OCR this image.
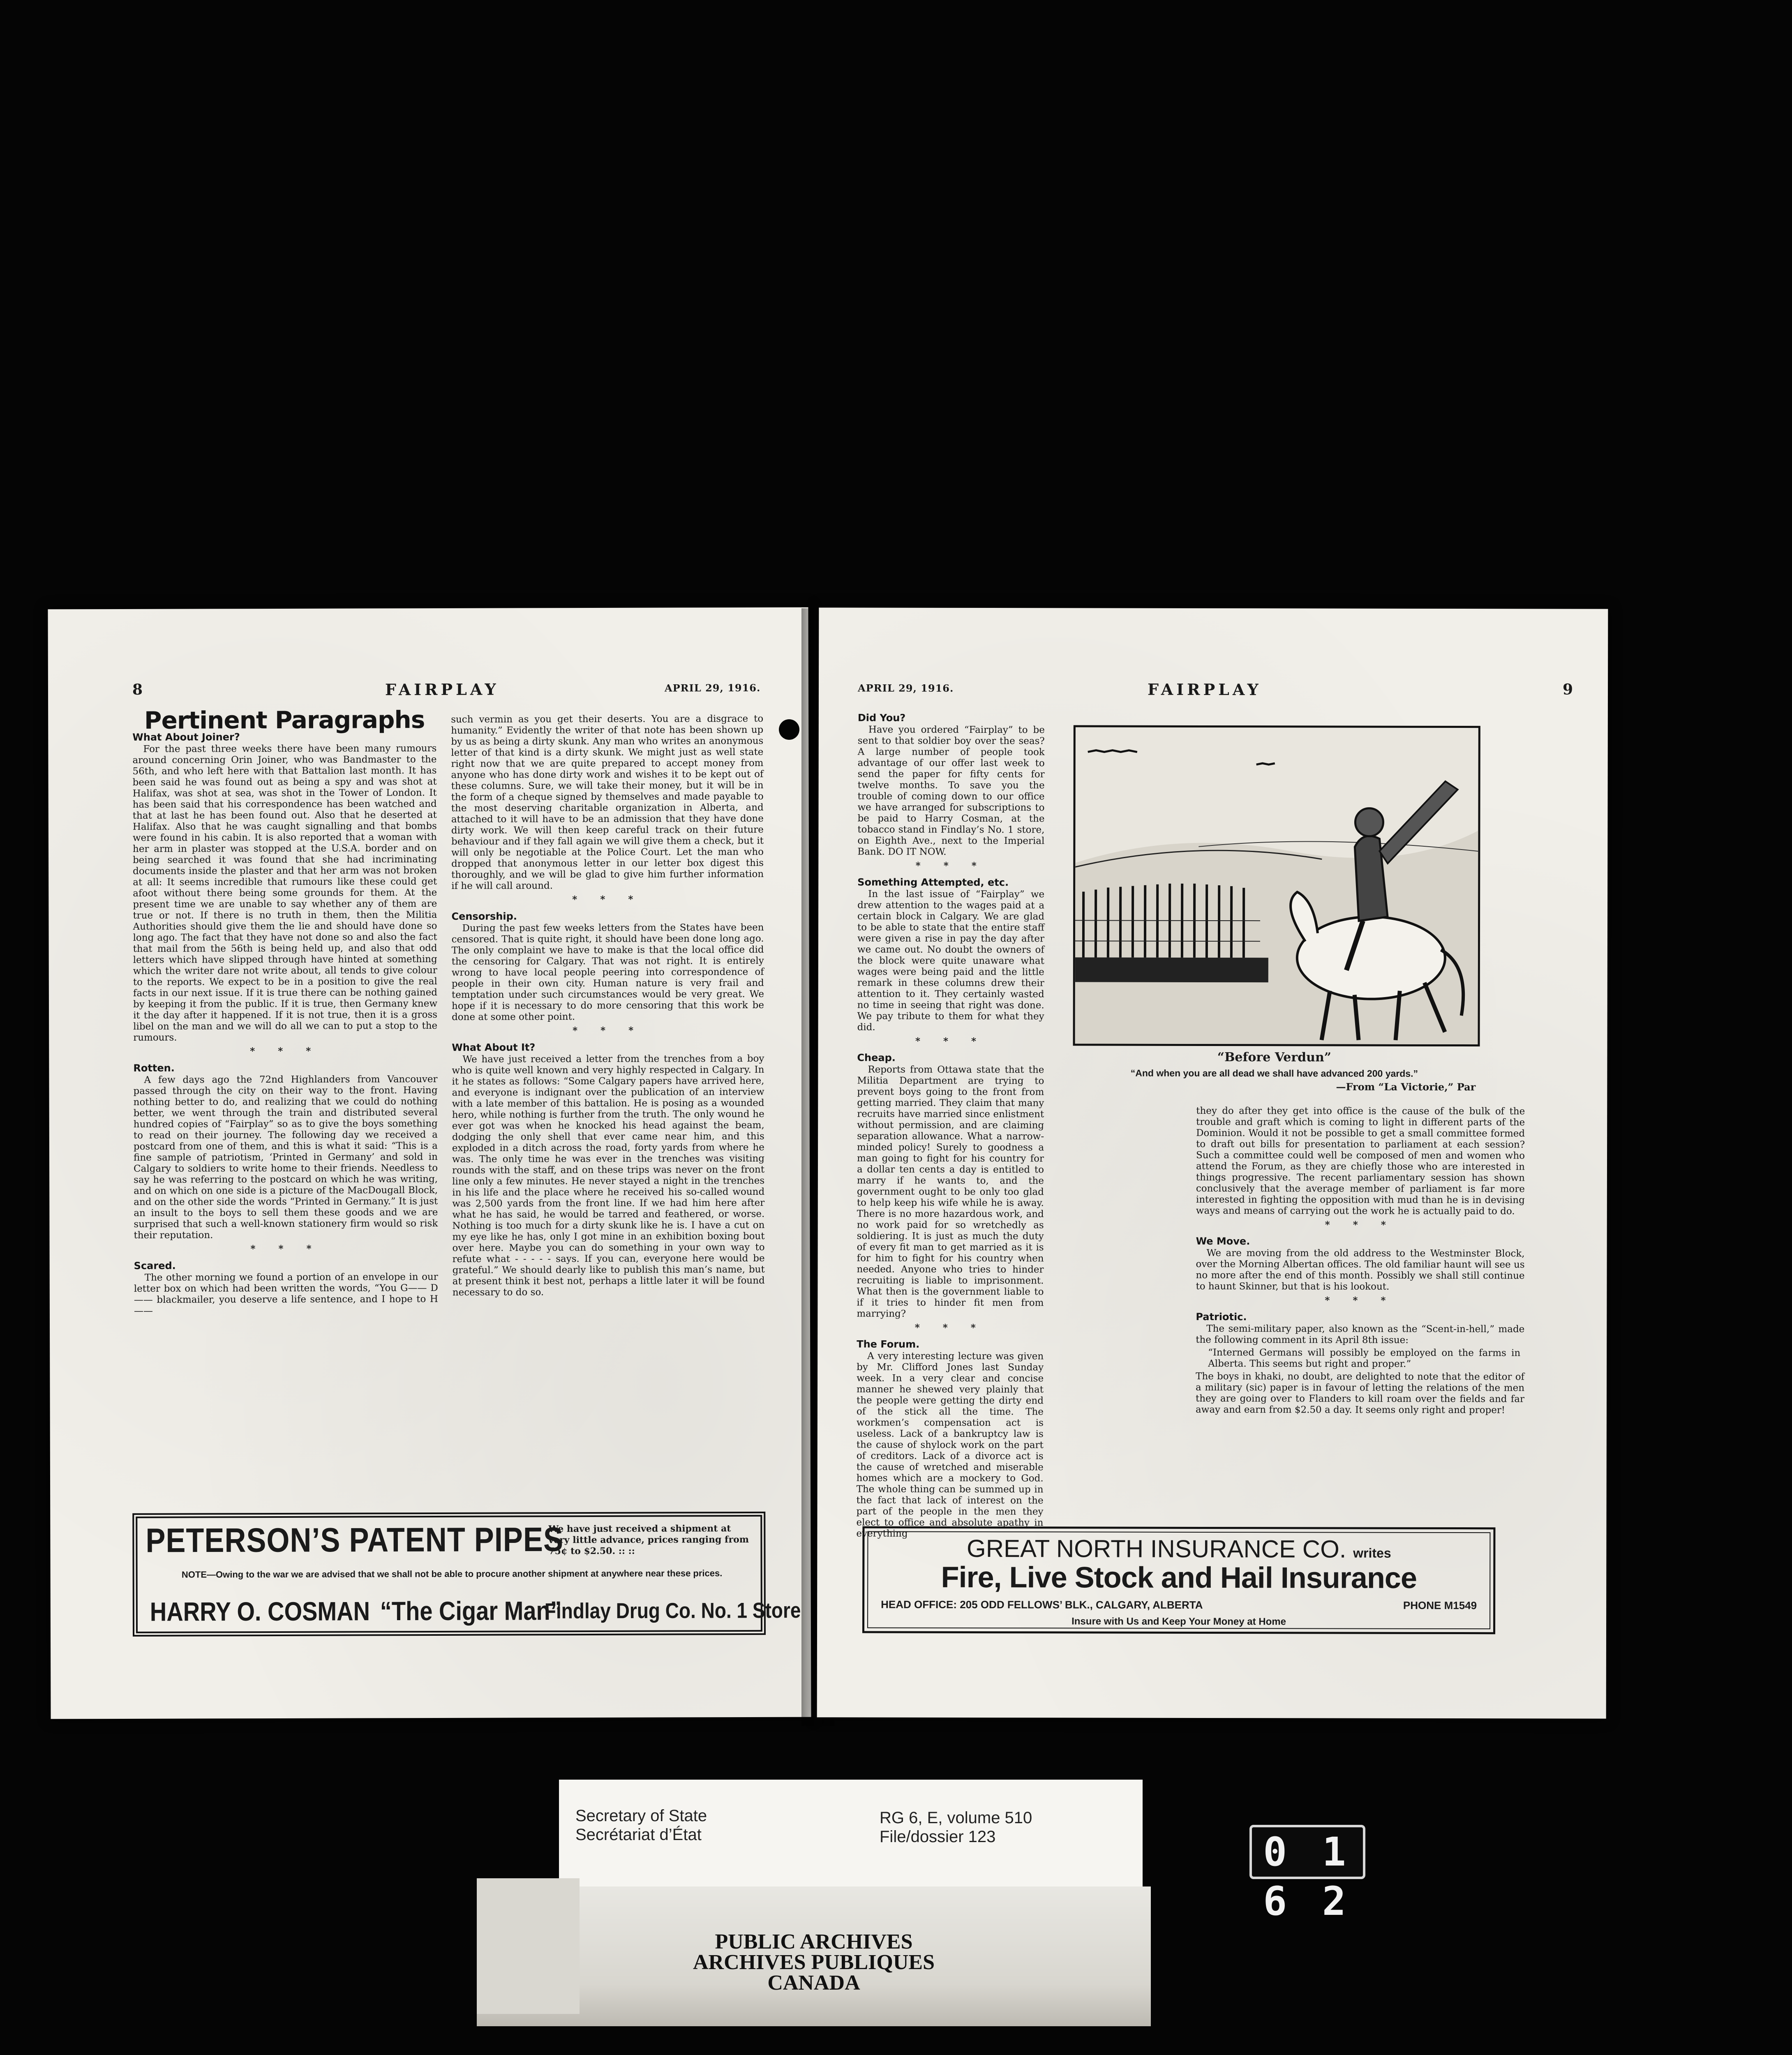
8	FAIRPLAY	APRIL 29, 1916.
Pertinent Paragraphs
What About Joiner?

For the past three weeks there have been many rumours around concerning Orin Joiner, who was Bandmaster to the 56th, and who left here with that Battalion last month. It has been said he was found out as being a spy and was shot at Halifax, was shot at sea, was shot in the Tower of London. It has been said that his correspondence has been watched and that at last he has been found out. Also that he deserted at Halifax. Also that he was caught signalling and that bombs were found in his cabin. It is also reported that a woman with her arm in plaster was stopped at the U.S.A. border and on being searched it was found that she had incriminating documents inside the plaster and that her arm was not broken at all: It seems incredible that rumours like these could get afoot without there being some grounds for them. At the present time we are unable to say whether any of them are true or not. If there is no truth in them, then the Militia Authorities should give them the lie and should have done so long ago. The fact that they have not done so and also the fact that mail from the 56th is being held up, and also that odd letters which have slipped through have hinted at something which the writer dare not write about, all tends to give colour to the reports. We expect to be in a position to give the real facts in our next issue. If it is true there can be nothing gained by keeping it from the public. If it is true, then Germany knew it the day after it happened. If it is not true, then it is a gross libel on the man and we will do all we can to put a stop to the rumours.

* * *
Rotten.

A few days ago the 72nd Highlanders from Vancouver passed through the city on their way to the front. Having nothing better to do, and realizing that we could do nothing better, we went through the train and distributed several hundred copies of “Fairplay” so as to give the boys something to read on their journey. The following day we received a postcard from one of them, and this is what it said: “This is a fine sample of patriotism, ‘Printed in Germany’ and sold in Calgary to soldiers to write home to their friends. Needless to say he was referring to the postcard on which he was writing, and on which on one side is a picture of the MacDougall Block, and on the other side the words “Printed in Germany.” It is just an insult to the boys to sell them these goods and we are surprised that such a well-known stationery firm would so risk their reputation.

* * *
Scared.

The other morning we found a portion of an envelope in our letter box on which had been written the words, “You G—— D—— blackmailer, you deserve a life sentence, and I hope to H——

such vermin as you get their deserts. You are a disgrace to humanity.” Evidently the writer of that note has been shown up by us as being a dirty skunk. Any man who writes an anonymous letter of that kind is a dirty skunk. We might just as well state right now that we are quite prepared to accept money from anyone who has done dirty work and wishes it to be kept out of these columns. Sure, we will take their money, but it will be in the form of a cheque signed by themselves and made payable to the most deserving charitable organization in Alberta, and attached to it will have to be an admission that they have done dirty work. We will then keep careful track on their future behaviour and if they fall again we will give them a check, but it will only be negotiable at the Police Court. Let the man who dropped that anonymous letter in our letter box digest this thoroughly, and we will be glad to give him further information if he will call around.

* * *
Censorship.

During the past few weeks letters from the States have been censored. That is quite right, it should have been done long ago. The only complaint we have to make is that the local office did the censoring for Calgary. That was not right. It is entirely wrong to have local people peering into correspondence of people in their own city. Human nature is very frail and temptation under such circumstances would be very great. We hope if it is necessary to do more censoring that this work be done at some other point.

* * *
What About It?

We have just received a letter from the trenches from a boy who is quite well known and very highly respected in Calgary. In it he states as follows: “Some Calgary papers have arrived here, and everyone is indignant over the publication of an interview with a late member of this battalion. He is posing as a wounded hero, while nothing is further from the truth. The only wound he ever got was when he knocked his head against the beam, dodging the only shell that ever came near him, and this exploded in a ditch across the road, forty yards from where he was. The only time he was ever in the trenches was visiting rounds with the staff, and on these trips was never on the front line only a few minutes. He never stayed a night in the trenches in his life and the place where he received his so-called wound was 2,500 yards from the front line. If we had him here after what he has said, he would be tarred and feathered, or worse. Nothing is too much for a dirty skunk like he is. I have a cut on my eye like he has, only I got mine in an exhibition boxing bout over here. Maybe you can do something in your own way to refute what - - - - - says. If you can, everyone here would be grateful.” We should dearly like to publish this man’s name, but at present think it best not, perhaps a little later it will be found necessary to do so.

PETERSON’S PATENT PIPES
We have just received a shipment at very little advance, prices ranging from 75¢ to $2.50. :: ::
NOTE—Owing to the war we are advised that we shall not be able to procure another shipment at anywhere near these prices.
HARRY O. COSMAN “The Cigar Man”
Findlay Drug Co. No. 1 Store
APRIL 29, 1916.	FAIRPLAY	9
Did You?

Have you ordered “Fairplay” to be sent to that soldier boy over the seas? A large number of people took advantage of our offer last week to send the paper for fifty cents for twelve months. To save you the trouble of coming down to our office we have arranged for subscriptions to be paid to Harry Cosman, at the tobacco stand in Findlay’s No. 1 store, on Eighth Ave., next to the Imperial Bank. DO IT NOW.

* * *
Something Attempted, etc.

In the last issue of “Fairplay” we drew attention to the wages paid at a certain block in Calgary. We are glad to be able to state that the entire staff were given a rise in pay the day after we came out. No doubt the owners of the block were quite unaware what wages were being paid and the little remark in these columns drew their attention to it. They certainly wasted no time in seeing that right was done. We pay tribute to them for what they did.

* * *
Cheap.

Reports from Ottawa state that the Militia Department are trying to prevent boys going to the front from getting married. They claim that many recruits have married since enlistment without permission, and are claiming separation allowance. What a narrow-minded policy! Surely to goodness a man going to fight for his country for a dollar ten cents a day is entitled to marry if he wants to, and the government ought to be only too glad to help keep his wife while he is away. There is no more hazardous work, and no work paid for so wretchedly as soldiering. It is just as much the duty of every fit man to get married as it is for him to fight for his country when needed. Anyone who tries to hinder recruiting is liable to imprisonment. What then is the government liable to if it tries to hinder fit men from marrying?

* * *
The Forum.

A very interesting lecture was given by Mr. Clifford Jones last Sunday week. In a very clear and concise manner he shewed very plainly that the people were getting the dirty end of the stick all the time. The workmen’s compensation act is useless. Lack of a bankruptcy law is the cause of shylock work on the part of creditors. Lack of a divorce act is the cause of wretched and miserable homes which are a mockery to God. The whole thing can be summed up in the fact that lack of interest on the part of the people in the men they elect to office and absolute apathy in everything

“Before Verdun”
“And when you are all dead we shall have advanced 200 yards.”
—From “La Victorie,” Par

they do after they get into office is the cause of the bulk of the trouble and graft which is coming to light in different parts of the Dominion. Would it not be possible to get a small committee formed to draft out bills for presentation to parliament at each session? Such a committee could well be composed of men and women who attend the Forum, as they are chiefly those who are interested in things progressive. The recent parliamentary session has shown conclusively that the average member of parliament is far more interested in fighting the opposition with mud than he is in devising ways and means of carrying out the work he is actually paid to do.

* * *
We Move.

We are moving from the old address to the Westminster Block, over the Morning Albertan offices. The old familiar haunt will see us no more after the end of this month. Possibly we shall still continue to haunt Skinner, but that is his lookout.

* * *
Patriotic.

The semi-military paper, also known as the “Scent-in-hell,” made the following comment in its April 8th issue:

“Interned Germans will possibly be employed on the farms in Alberta. This seems but right and proper.”

The boys in khaki, no doubt, are delighted to note that the editor of a military (sic) paper is in favour of letting the relations of the men they are going over to Flanders to kill roam over the fields and far away and earn from $2.50 a day. It seems only right and proper!

GREAT NORTH INSURANCE CO. writes
Fire, Live Stock and Hail Insurance
HEAD OFFICE: 205 ODD FELLOWS’ BLK., CALGARY, ALBERTA	PHONE M1549
Insure with Us and Keep Your Money at Home
Secretary of State
Secrétariat d’État
RG 6, E, volume 510
File/dossier 123
PUBLIC ARCHIVES
ARCHIVES PUBLIQUES
CANADA
0 1 6 2
